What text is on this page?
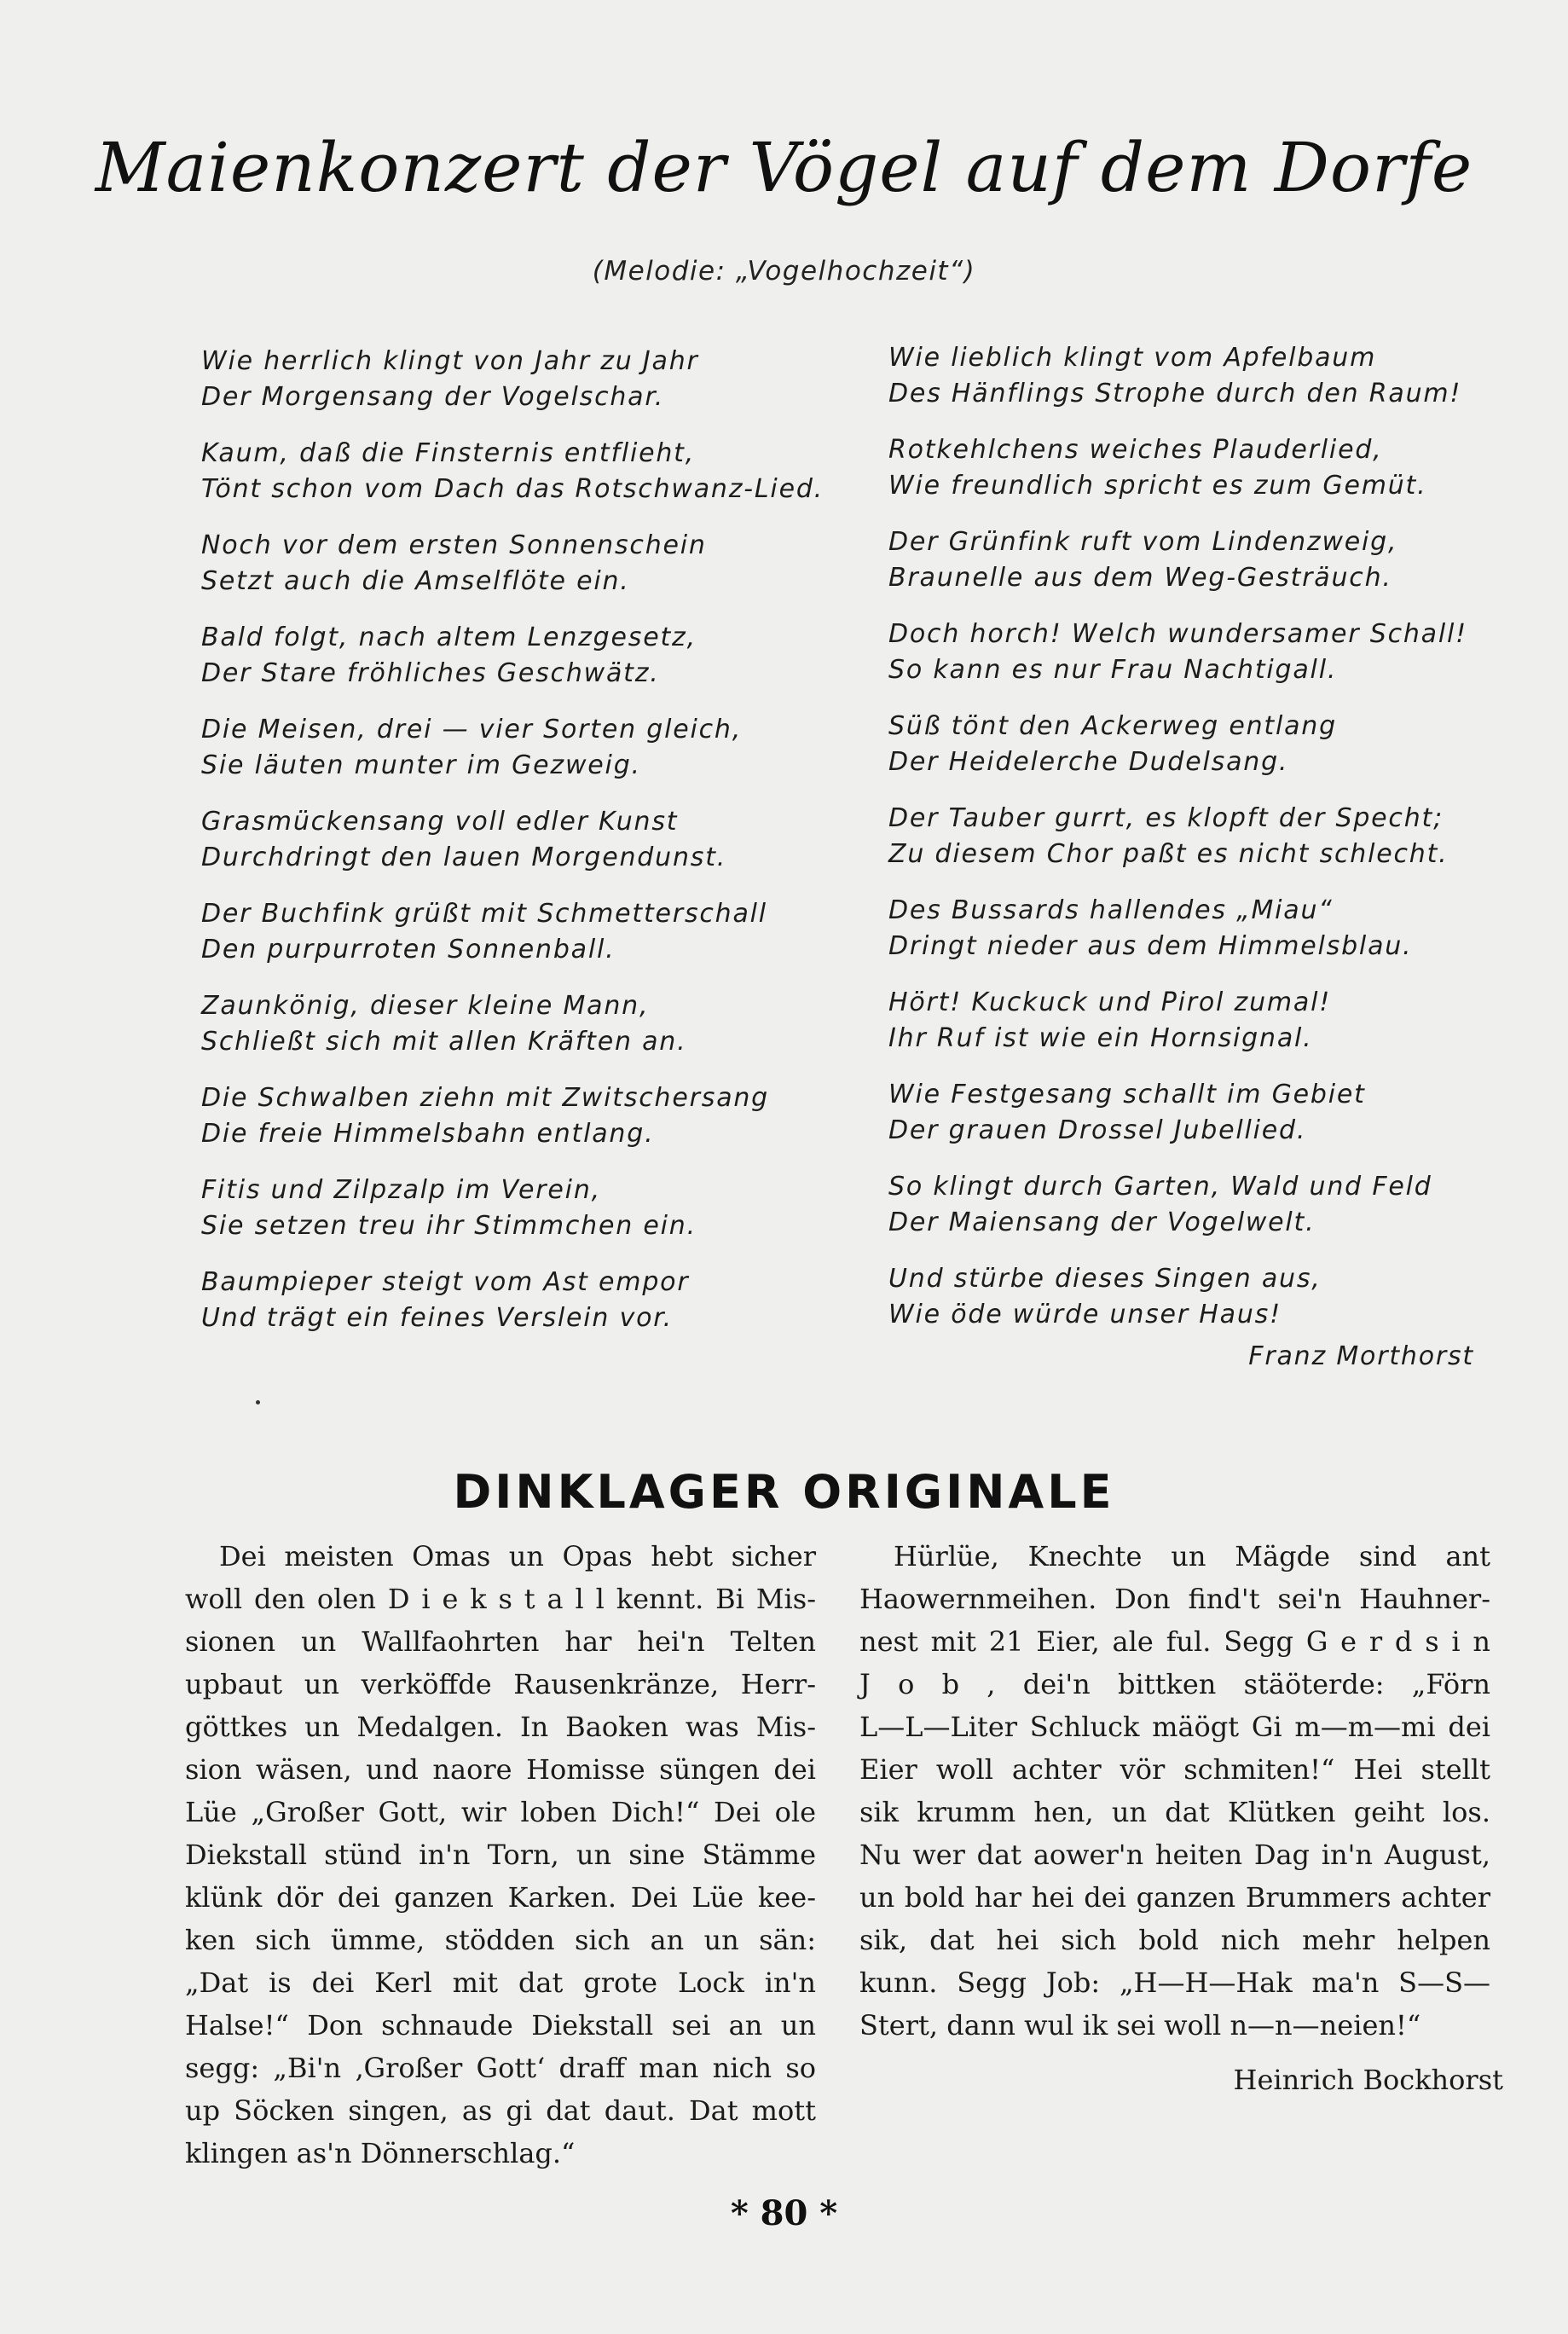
Maienkonzert der Vögel auf dem Dorfe
(Melodie: „Vogelhochzeit“)
Wie herrlich klingt von Jahr zu Jahr
Der Morgensang der Vogelschar.
Kaum, daß die Finsternis entflieht,
Tönt schon vom Dach das Rotschwanz-Lied.
Noch vor dem ersten Sonnenschein
Setzt auch die Amselflöte ein.
Bald folgt, nach altem Lenzgesetz,
Der Stare fröhliches Geschwätz.
Die Meisen, drei — vier Sorten gleich,
Sie läuten munter im Gezweig.
Grasmückensang voll edler Kunst
Durchdringt den lauen Morgendunst.
Der Buchfink grüßt mit Schmetterschall
Den purpurroten Sonnenball.
Zaunkönig, dieser kleine Mann,
Schließt sich mit allen Kräften an.
Die Schwalben ziehn mit Zwitschersang
Die freie Himmelsbahn entlang.
Fitis und Zilpzalp im Verein,
Sie setzen treu ihr Stimmchen ein.
Baumpieper steigt vom Ast empor
Und trägt ein feines Verslein vor.
Wie lieblich klingt vom Apfelbaum
Des Hänflings Strophe durch den Raum!
Rotkehlchens weiches Plauderlied,
Wie freundlich spricht es zum Gemüt.
Der Grünfink ruft vom Lindenzweig,
Braunelle aus dem Weg-Gesträuch.
Doch horch! Welch wundersamer Schall!
So kann es nur Frau Nachtigall.
Süß tönt den Ackerweg entlang
Der Heidelerche Dudelsang.
Der Tauber gurrt, es klopft der Specht;
Zu diesem Chor paßt es nicht schlecht.
Des Bussards hallendes „Miau“
Dringt nieder aus dem Himmelsblau.
Hört! Kuckuck und Pirol zumal!
Ihr Ruf ist wie ein Hornsignal.
Wie Festgesang schallt im Gebiet
Der grauen Drossel Jubellied.
So klingt durch Garten, Wald und Feld
Der Maiensang der Vogelwelt.
Und stürbe dieses Singen aus,
Wie öde würde unser Haus!
Franz Morthorst
DINKLAGER ORIGINALE
Dei meisten Omas un Opas hebt sicher
woll den olen D i e k s t a l l kennt. Bi Mis-
sionen un Wallfaohrten har hei'n Telten
upbaut un verköffde Rausenkränze, Herr-
göttkes un Medalgen. In Baoken was Mis-
sion wäsen, und naore Homisse süngen dei
Lüe „Großer Gott, wir loben Dich!“ Dei ole
Diekstall stünd in'n Torn, un sine Stämme
klünk dör dei ganzen Karken. Dei Lüe kee-
ken sich ümme, stödden sich an un sän:
„Dat is dei Kerl mit dat grote Lock in'n
Halse!“ Don schnaude Diekstall sei an un
segg: „Bi'n ‚Großer Gott‘ draff man nich so
up Söcken singen, as gi dat daut. Dat mott
klingen as'n Dönnerschlag.“
Hürlüe, Knechte un Mägde sind ant
Haowernmeihen. Don find't sei'n Hauhner-
nest mit 21 Eier, ale ful. Segg G e r d s i n
J o b , dei'n bittken stäöterde: „Förn
L—L—Liter Schluck mäögt Gi m—m—mi dei
Eier woll achter vör schmiten!“ Hei stellt
sik krumm hen, un dat Klütken geiht los.
Nu wer dat aower'n heiten Dag in'n August,
un bold har hei dei ganzen Brummers achter
sik, dat hei sich bold nich mehr helpen
kunn. Segg Job: „H—H—Hak ma'n S—S—
Stert, dann wul ik sei woll n—n—neien!“
Heinrich Bockhorst
* 80 *
